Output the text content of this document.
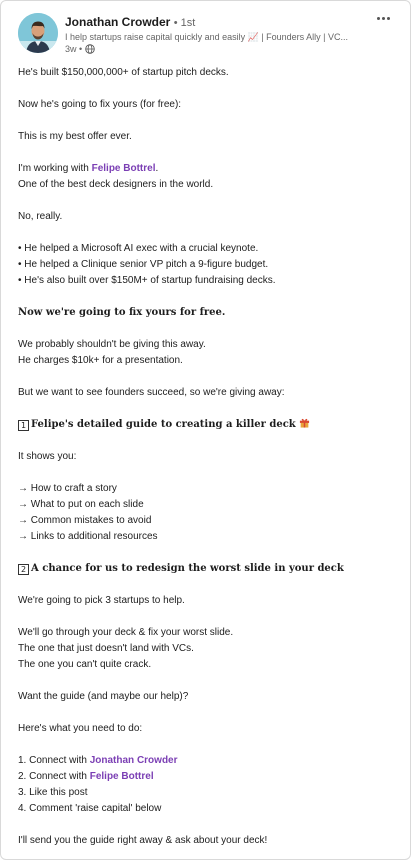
Jonathan Crowder • 1st
I help startups raise capital quickly and easily 📈 | Founders Ally | VC...
3w •
He's built $150,000,000+ of startup pitch decks.
Now he's going to fix yours (for free):
This is my best offer ever.
I'm working with Felipe Bottrel.
One of the best deck designers in the world.
No, really.
• He helped a Microsoft AI exec with a crucial keynote.
• He helped a Clinique senior VP pitch a 9-figure budget.
• He's also built over $150M+ of startup fundraising decks.
Now we're going to fix yours for free.
We probably shouldn't be giving this away.
He charges $10k+ for a presentation.
But we want to see founders succeed, so we're giving away:
1 Felipe's detailed guide to creating a killer deck
It shows you:
→ How to craft a story
→ What to put on each slide
→ Common mistakes to avoid
→ Links to additional resources
2 A chance for us to redesign the worst slide in your deck
We're going to pick 3 startups to help.
We'll go through your deck & fix your worst slide.
The one that just doesn't land with VCs.
The one you can't quite crack.
Want the guide (and maybe our help)?
Here's what you need to do:
1. Connect with Jonathan Crowder
2. Connect with Felipe Bottrel
3. Like this post
4. Comment 'raise capital' below
I'll send you the guide right away & ask about your deck!
